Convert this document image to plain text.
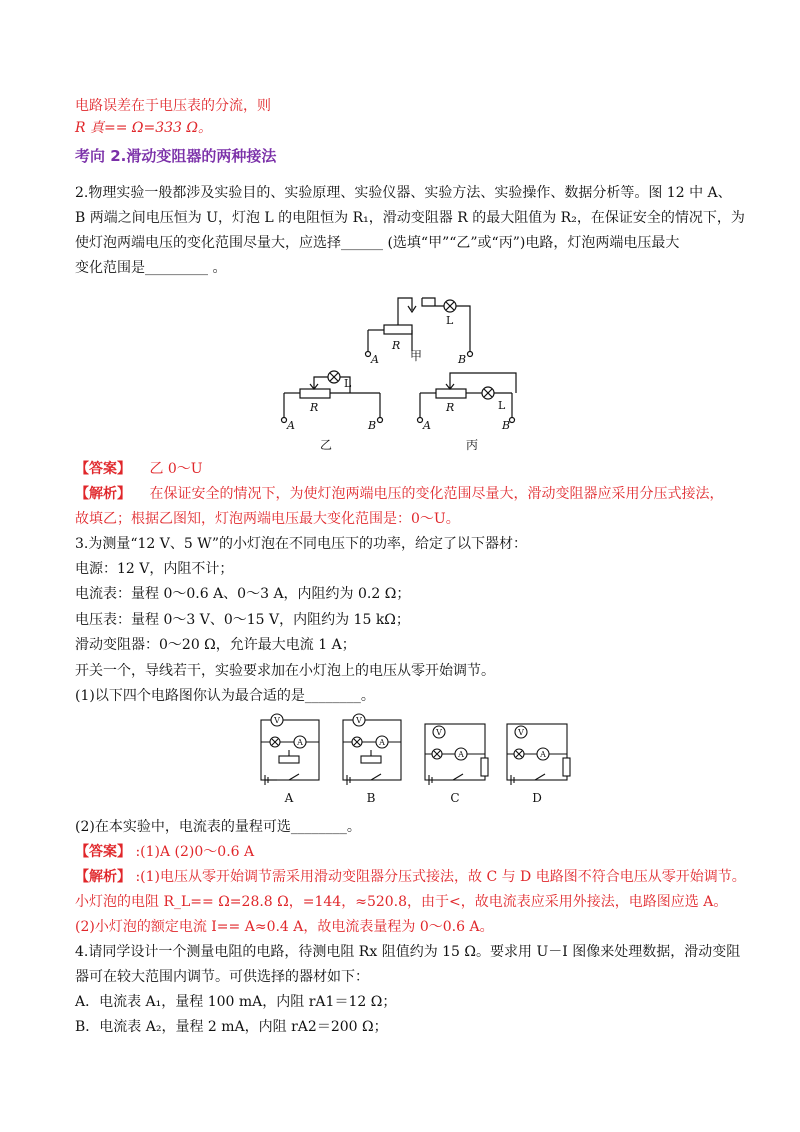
电路误差在于电压表的分流，则
R 真== Ω=333 Ω。
考向 2.滑动变阻器的两种接法
2.物理实验一般都涉及实验目的、实验原理、实验仪器、实验方法、实验操作、数据分析等。图 12 中 A、
B 两端之间电压恒为 U，灯泡 L 的电阻恒为 R₁，滑动变阻器 R 的最大阻值为 R₂，在保证安全的情况下，为
使灯泡两端电压的变化范围尽量大，应选择______ (选填“甲”“乙”或“丙”)电路，灯泡两端电压最大
变化范围是_________ 。
R
L
A	B
R
L
A	B
R	L
A	B
甲
乙	丙
【答案】 乙 0～U
【解析】 在保证安全的情况下，为使灯泡两端电压的变化范围尽量大，滑动变阻器应采用分压式接法，
故填乙；根据乙图知，灯泡两端电压最大变化范围是：0～U。
3.为测量“12 V、5 W”的小灯泡在不同电压下的功率，给定了以下器材：
电源：12 V，内阻不计；
电流表：量程 0～0.6 A、0～3 A，内阻约为 0.2 Ω；
电压表：量程 0～3 V、0～15 V，内阻约为 15 kΩ；
滑动变阻器：0～20 Ω，允许最大电流 1 A；
开关一个，导线若干，实验要求加在小灯泡上的电压从零开始调节。
(1)以下四个电路图你认为最合适的是________。
V
A
V
A
V
A
V
A
A	B	C	D
(2)在本实验中，电流表的量程可选________。
【答案】 :(1)A (2)0～0.6 A
【解析】 :(1)电压从零开始调节需采用滑动变阻器分压式接法，故 C 与 D 电路图不符合电压从零开始调节。
小灯泡的电阻 R_L== Ω=28.8 Ω，=144，≈520.8，由于<，故电流表应采用外接法，电路图应选 A。
(2)小灯泡的额定电流 I== A≈0.4 A，故电流表量程为 0～0.6 A。
4.请同学设计一个测量电阻的电路，待测电阻 Rx 阻值约为 15 Ω。要求用 U－I 图像来处理数据，滑动变阻
器可在较大范围内调节。可供选择的器材如下：
A．电流表 A₁，量程 100 mA，内阻 rA1＝12 Ω；
B．电流表 A₂，量程 2 mA，内阻 rA2＝200 Ω；
